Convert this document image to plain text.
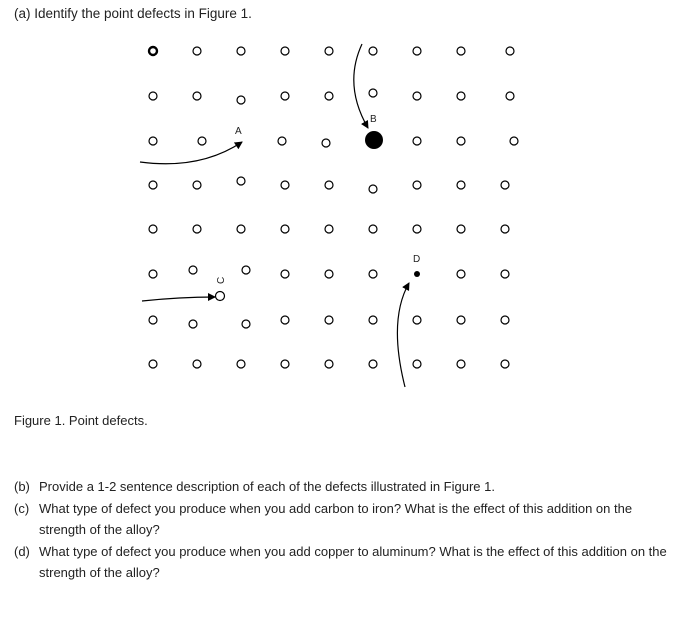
(a) Identify the point defects in Figure 1.
A
B
C
D
Figure 1. Point defects.
(b) Provide a 1-2 sentence description of each of the defects illustrated in Figure 1.
(c) What type of defect you produce when you add carbon to iron? What is the effect of this addition on the strength of the alloy?
(d) What type of defect you produce when you add copper to aluminum? What is the effect of this addition on the strength of the alloy?
